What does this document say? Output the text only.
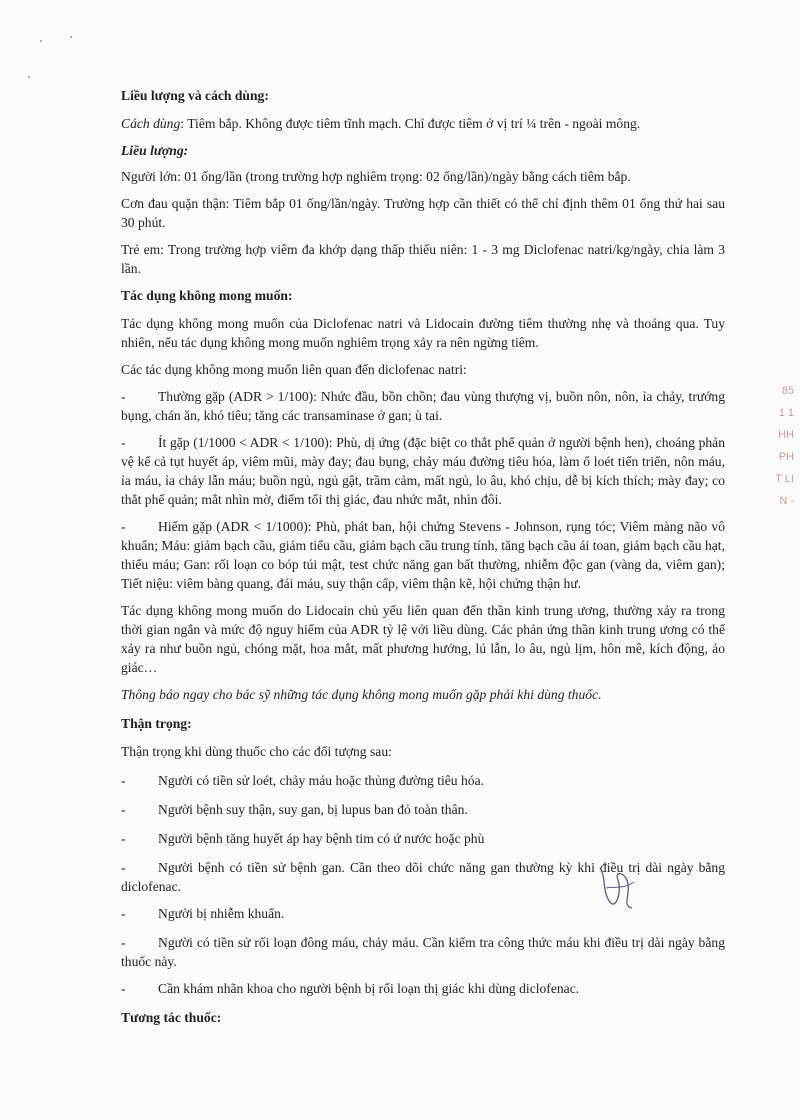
Liều lượng và cách dùng:

Cách dùng: Tiêm bắp. Không được tiêm tĩnh mạch. Chỉ được tiêm ở vị trí ¼ trên - ngoài mông.

Liều lượng:

Người lớn: 01 ống/lần (trong trường hợp nghiêm trọng: 02 ống/lần)/ngày bằng cách tiêm bắp.

Cơn đau quặn thận: Tiêm bắp 01 ống/lần/ngày. Trường hợp cần thiết có thể chỉ định thêm 01 ống thứ hai sau 30 phút.

Trẻ em: Trong trường hợp viêm đa khớp dạng thấp thiếu niên: 1 - 3 mg Diclofenac natri/kg/ngày, chia làm 3 lần.

Tác dụng không mong muốn:

Tác dụng không mong muốn của Diclofenac natri và Lidocain đường tiêm thường nhẹ và thoáng qua. Tuy nhiên, nếu tác dụng không mong muốn nghiêm trọng xảy ra nên ngừng tiêm.

Các tác dụng không mong muốn liên quan đến diclofenac natri:

- Thường gặp (ADR > 1/100): Nhức đầu, bồn chồn; đau vùng thượng vị, buồn nôn, nôn, ỉa chảy, trướng bụng, chán ăn, khó tiêu; tăng các transaminase ở gan; ù tai.
- Ít gặp (1/1000 < ADR < 1/100): Phù, dị ứng (đặc biệt co thắt phế quản ở người bệnh hen), choáng phản vệ kể cả tụt huyết áp, viêm mũi, mày đay; đau bụng, chảy máu đường tiêu hóa, làm ổ loét tiến triển, nôn máu, ỉa máu, ỉa chảy lẫn máu; buồn ngủ, ngủ gật, trầm cảm, mất ngủ, lo âu, khó chịu, dễ bị kích thích; mày đay; co thắt phế quản; mắt nhìn mờ, điểm tối thị giác, đau nhức mắt, nhìn đôi.
- Hiếm gặp (ADR < 1/1000): Phù, phát ban, hội chứng Stevens - Johnson, rụng tóc; Viêm màng não vô khuẩn; Máu: giảm bạch cầu, giảm tiểu cầu, giảm bạch cầu trung tính, tăng bạch cầu ái toan, giảm bạch cầu hạt, thiếu máu; Gan: rối loạn co bóp túi mật, test chức năng gan bất thường, nhiễm độc gan (vàng da, viêm gan); Tiết niệu: viêm bàng quang, đái máu, suy thận cấp, viêm thận kẽ, hội chứng thận hư.

Tác dụng không mong muốn do Lidocain chủ yếu liên quan đến thần kinh trung ương, thường xảy ra trong thời gian ngắn và mức độ nguy hiểm của ADR tỷ lệ với liều dùng. Các phản ứng thần kinh trung ương có thể xảy ra như buồn ngủ, chóng mặt, hoa mắt, mất phương hướng, lú lẫn, lo âu, ngủ lịm, hôn mê, kích động, ảo giác…

Thông báo ngay cho bác sỹ những tác dụng không mong muốn gặp phải khi dùng thuốc.
Thận trọng:
Thận trọng khi dùng thuốc cho các đối tượng sau:
- Người có tiền sử loét, chảy máu hoặc thủng đường tiêu hóa.
- Người bệnh suy thận, suy gan, bị lupus ban đỏ toàn thân.
- Người bệnh tăng huyết áp hay bệnh tim có ứ nước hoặc phù
- Người bệnh có tiền sử bệnh gan. Cần theo dõi chức năng gan thường kỳ khi điều trị dài ngày bằng diclofenac.
- Người bị nhiễm khuẩn.
- Người có tiền sử rối loạn đông máu, chảy máu. Cần kiểm tra công thức máu khi điều trị dài ngày bằng thuốc này.
- Cần khám nhãn khoa cho người bệnh bị rối loạn thị giác khi dùng diclofenac.
Tương tác thuốc:
85
1 1
HH
PH
T LI
N -
